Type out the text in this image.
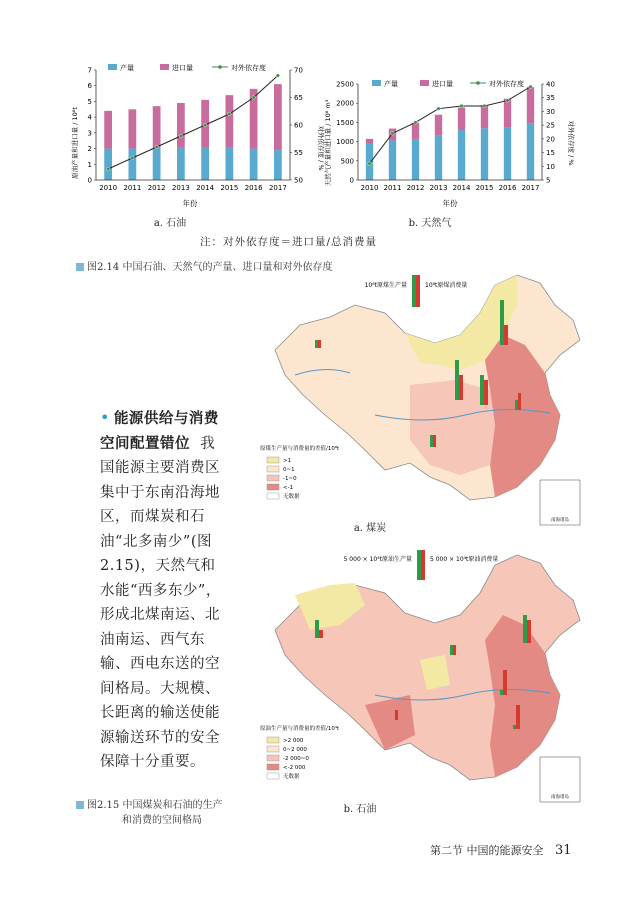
0
1
2
3
4
5
6
7
50
55
60
65
70
2010 2011 2012 2013 2014 2015 2016 2017
产量	进口量	对外依存度
年份
原油产量和进口量 / 10⁸t	对外依存度 / %
0
500
1000
1500
2000
2500
5
10
15
20
25
30
35
40
2010 2011 2012 2013 2014 2015 2016 2017
产量	进口量	对外依存度
年份
天然气产量和进口量 / 10⁸ m³	对外依存度 / %
a. 石油	b. 天然气
注：对外依存度＝进口量/总消费量
图2.14 中国石油、天然气的产量、进口量和对外依存度
• 能源供给与消费空间配置错位 我国能源主要消费区集中于东南沿海地区，而煤炭和石油“北多南少”(图2.15)，天然气和水能“西多东少”，形成北煤南运、北油南运、西气东输、西电东送的空间格局。大规模、长距离的输送使能源输送环节的安全保障十分重要。
10⁸t原煤生产量	10⁸t原煤消费量
原煤生产量与消费量的差值/10⁸t
>1
0~1
-1~0
<-1
无数据
南海诸岛
a. 煤炭
5 000 × 10⁴t原油生产量	5 000 × 10⁴t原油消费量
原油生产量与消费量的差值/10⁴t
>2 000
0~2 000
-2 000~0
<-2 000
无数据
南海诸岛
b. 石油
图2.15 中国煤炭和石油的生产
和消费的空间格局
第二节 中国的能源安全 31
